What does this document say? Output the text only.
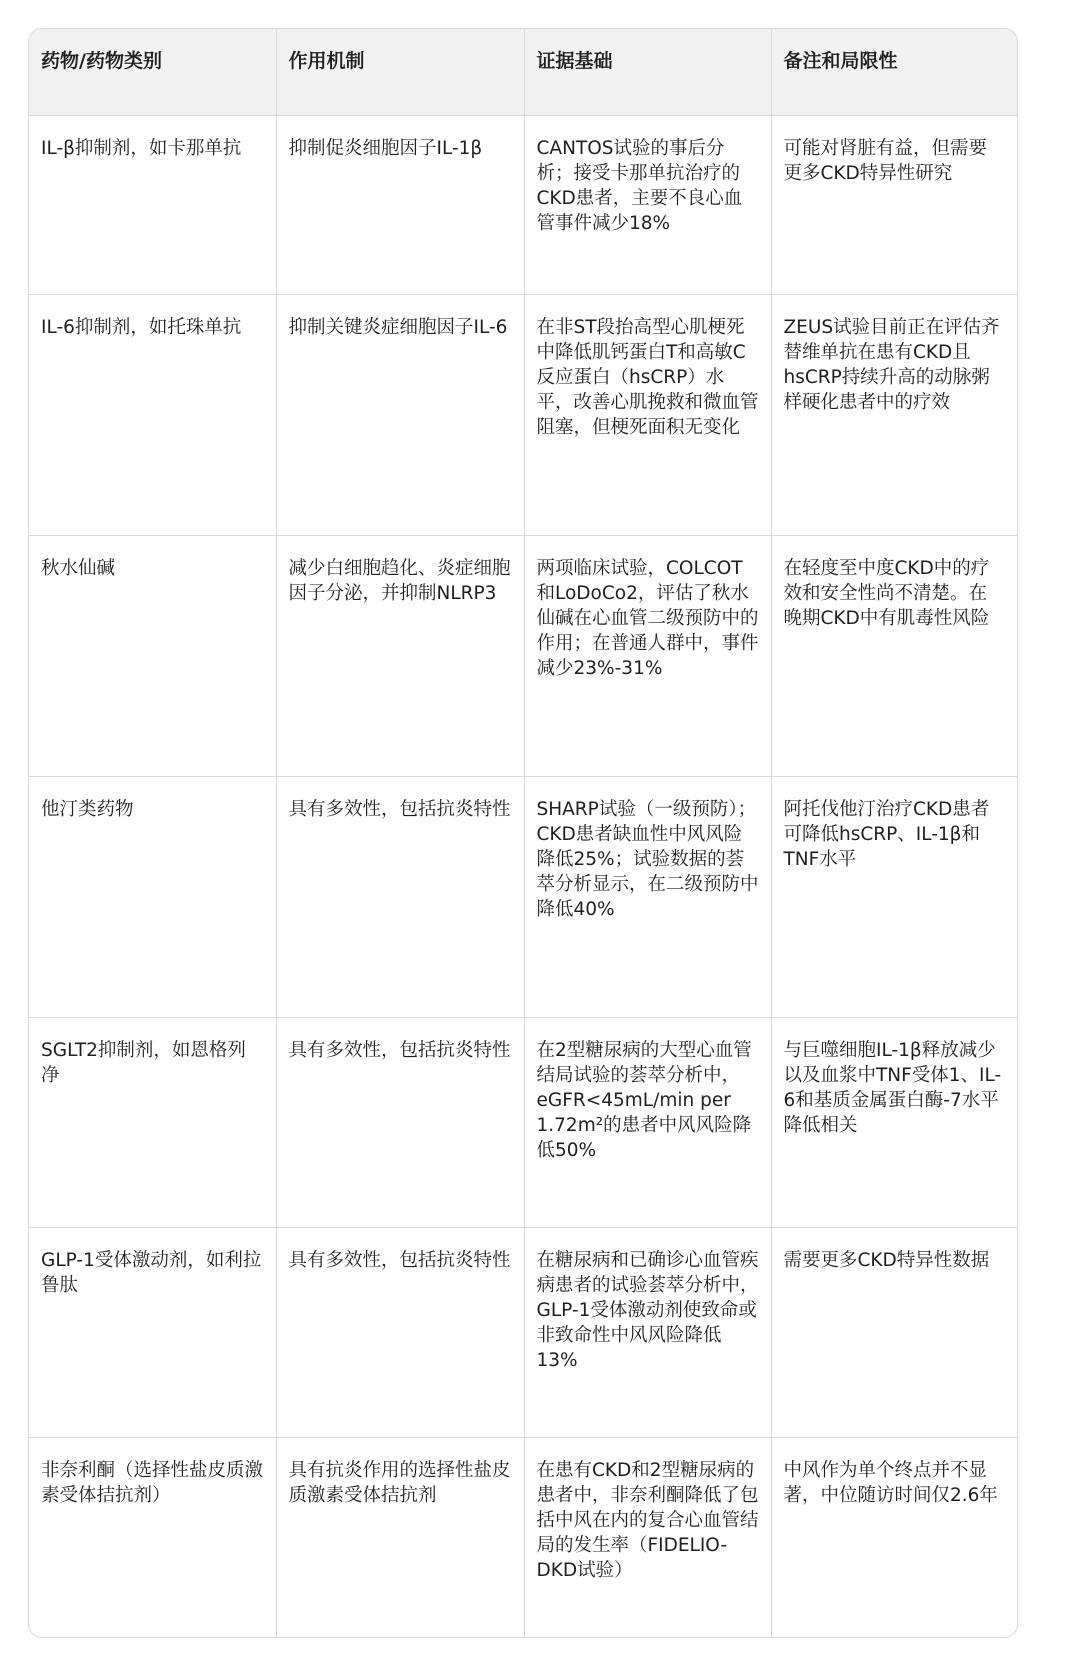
药物/药物类别	作用机制	证据基础	备注和局限性
IL-β抑制剂，如卡那单抗	抑制促炎细胞因子IL-1β	CANTOS试验的事后分析；接受卡那单抗治疗的CKD患者，主要不良心血管事件减少18%	可能对肾脏有益，但需要更多CKD特异性研究
IL-6抑制剂，如托珠单抗	抑制关键炎症细胞因子IL-6	在非ST段抬高型心肌梗死中降低肌钙蛋白T和高敏C反应蛋白（hsCRP）水平，改善心肌挽救和微血管阻塞，但梗死面积无变化	ZEUS试验目前正在评估齐替维单抗在患有CKD且hsCRP持续升高的动脉粥样硬化患者中的疗效
秋水仙碱	减少白细胞趋化、炎症细胞因子分泌，并抑制NLRP3	两项临床试验，COLCOT和LoDoCo2，评估了秋水仙碱在心血管二级预防中的作用；在普通人群中，事件减少23%-31%	在轻度至中度CKD中的疗效和安全性尚不清楚。在晚期CKD中有肌毒性风险
他汀类药物	具有多效性，包括抗炎特性	SHARP试验（一级预防）；CKD患者缺血性中风风险降低25%；试验数据的荟萃分析显示，在二级预防中降低40%	阿托伐他汀治疗CKD患者可降低hsCRP、IL-1β和TNF水平
SGLT2抑制剂，如恩格列净	具有多效性，包括抗炎特性	在2型糖尿病的大型心血管结局试验的荟萃分析中，eGFR<45mL/min per 1.72m²的患者中风风险降低50%	与巨噬细胞IL-1β释放减少以及血浆中TNF受体1、IL-6和基质金属蛋白酶-7水平降低相关
GLP-1受体激动剂，如利拉鲁肽	具有多效性，包括抗炎特性	在糖尿病和已确诊心血管疾病患者的试验荟萃分析中，GLP-1受体激动剂使致命或非致命性中风风险降低13%	需要更多CKD特异性数据
非奈利酮（选择性盐皮质激素受体拮抗剂）	具有抗炎作用的选择性盐皮质激素受体拮抗剂	在患有CKD和2型糖尿病的患者中，非奈利酮降低了包括中风在内的复合心血管结局的发生率（FIDELIO-DKD试验）	中风作为单个终点并不显著，中位随访时间仅2.6年
